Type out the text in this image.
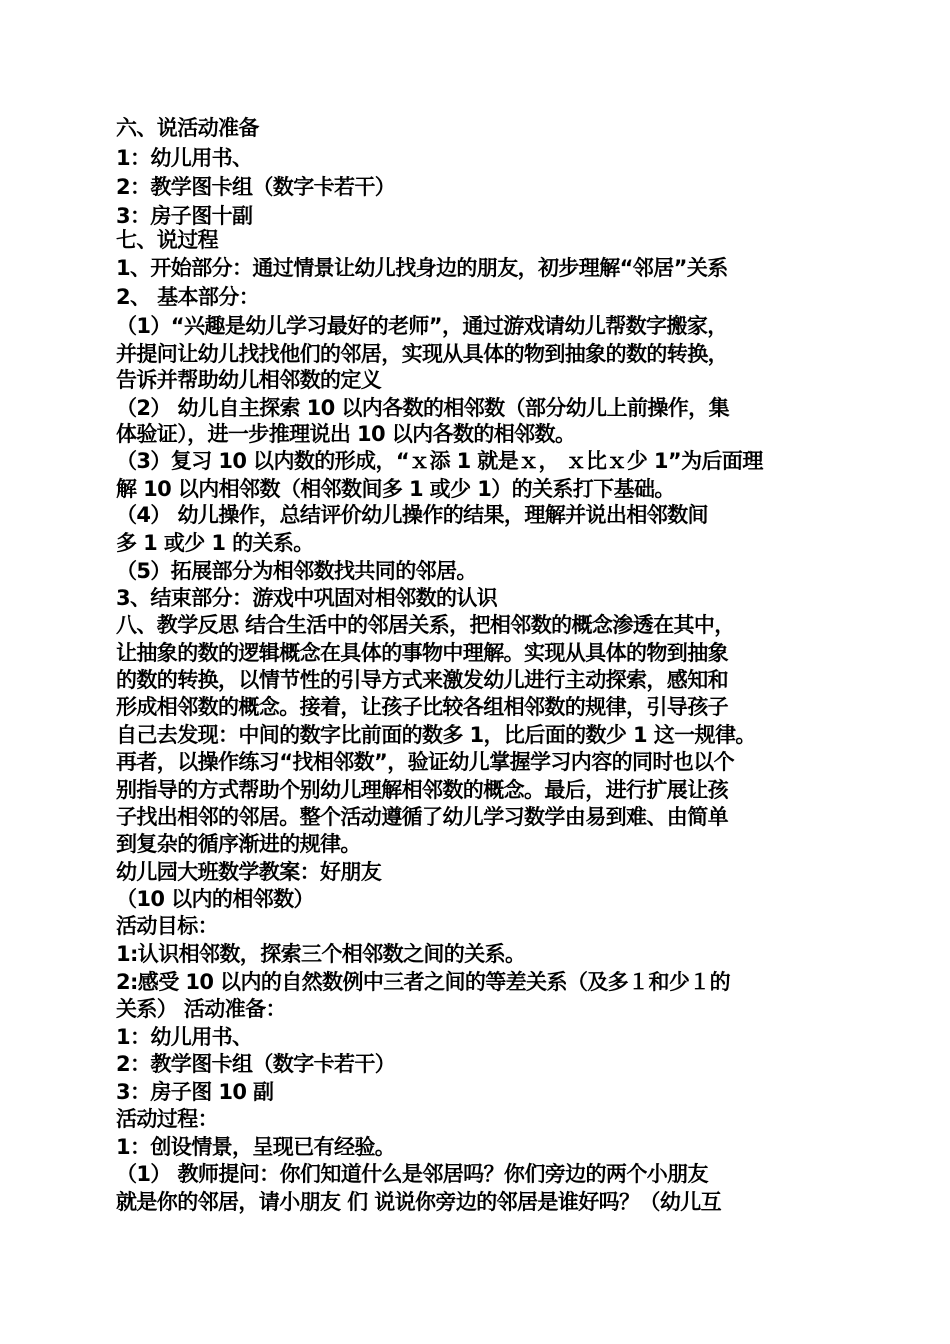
六、说活动准备
1：幼儿用书、
2：教学图卡组（数字卡若干）
3：房子图十副
七、说过程
1、开始部分：通过情景让幼儿找身边的朋友，初步理解“邻居”关系
2、 基本部分：
（1）“兴趣是幼儿学习最好的老师”，通过游戏请幼儿帮数字搬家，
并提问让幼儿找找他们的邻居，实现从具体的物到抽象的数的转换，
告诉并帮助幼儿相邻数的定义
（2） 幼儿自主探索 10 以内各数的相邻数（部分幼儿上前操作，集
体验证），进一步推理说出 10 以内各数的相邻数。
（3）复习 10 以内数的形成，“ｘ添 1 就是ｘ， ｘ比ｘ少 1”为后面理
解 10 以内相邻数（相邻数间多 1 或少 1）的关系打下基础。
（4） 幼儿操作，总结评价幼儿操作的结果，理解并说出相邻数间
多 1 或少 1 的关系。
（5）拓展部分为相邻数找共同的邻居。
3、结束部分：游戏中巩固对相邻数的认识
八、教学反思 结合生活中的邻居关系，把相邻数的概念渗透在其中，
让抽象的数的逻辑概念在具体的事物中理解。实现从具体的物到抽象
的数的转换，以情节性的引导方式来激发幼儿进行主动探索，感知和
形成相邻数的概念。接着，让孩子比较各组相邻数的规律，引导孩子
自己去发现：中间的数字比前面的数多 1，比后面的数少 1 这一规律。
再者，以操作练习“找相邻数”，验证幼儿掌握学习内容的同时也以个
别指导的方式帮助个别幼儿理解相邻数的概念。最后，进行扩展让孩
子找出相邻的邻居。整个活动遵循了幼儿学习数学由易到难、由简单
到复杂的循序渐进的规律。
幼儿园大班数学教案：好朋友
（10 以内的相邻数）
活动目标：
1:认识相邻数，探索三个相邻数之间的关系。
2:感受 10 以内的自然数例中三者之间的等差关系（及多１和少１的
关系） 活动准备：
1：幼儿用书、
2：教学图卡组（数字卡若干）
3：房子图 10 副
活动过程：
1：创设情景，呈现已有经验。
（1） 教师提问：你们知道什么是邻居吗？你们旁边的两个小朋友
就是你的邻居，请小朋友 们 说说你旁边的邻居是谁好吗？（幼儿互
